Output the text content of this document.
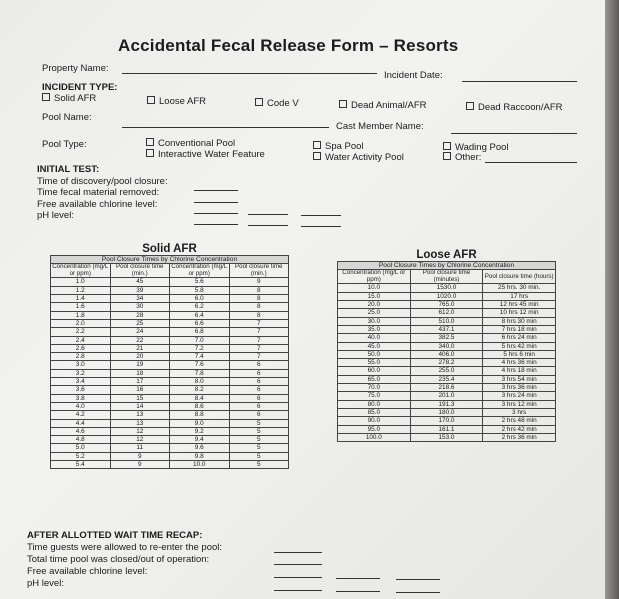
Accidental Fecal Release Form – Resorts
Property Name:
Incident Date:
INCIDENT TYPE:
Solid AFR	Loose AFR	Code V	Dead Animal/AFR	Dead Raccoon/AFR
Pool Name:
Cast Member Name:
Pool Type:	Conventional Pool
Interactive Water Feature
Spa Pool
Water Activity Pool
Wading Pool
Other:
INITIAL TEST:
Time of discovery/pool closure:
Time fecal material removed:
Free available chlorine level:
pH level:
Solid AFR
Pool Closure Times by Chlorine Concentration			
Concentration (mg/L or ppm)	Pool closure time (min.)	Concentration (mg/L or ppm)	Pool closure time (min.)
1.0	45	5.6	9
1.2	39	5.8	8
1.4	34	6.0	8
1.6	30	6.2	8
1.8	28	6.4	8
2.0	25	6.6	7
2.2	24	6.8	7
2.4	22	7.0	7
2.6	21	7.2	7
2.8	20	7.4	7
3.0	19	7.6	6
3.2	18	7.8	6
3.4	17	8.0	6
3.6	16	8.2	6
3.8	15	8.4	6
4.0	14	8.6	6
4.2	13	8.8	6
4.4	13	9.0	5
4.6	12	9.2	5
4.8	12	9.4	5
5.0	11	9.6	5
5.2	9	9.8	5
5.4	9	10.0	5
Loose AFR
Pool Closure Times by Chlorine Concentration		
Concentration (mg/L or ppm)	Pool closure time (minutes)	Pool closure time (hours)
10.0	1530.0	25 hrs. 30 min.
15.0	1020.0	17 hrs
20.0	765.0	12 hrs 45 min
25.0	612.0	10 hrs 12 min
30.0	510.0	8 hrs 30 min
35.0	437.1	7 hrs 18 min
40.0	382.5	6 hrs 24 min
45.0	340.0	5 hrs 42 min
50.0	406.0	5 hrs 6 min
55.0	278.2	4 hrs 36 min
60.0	255.0	4 hrs 18 min
65.0	235.4	3 hrs 54 min
70.0	218.6	3 hrs 36 min
75.0	201.0	3 hrs 24 min
80.0	191.3	3 hrs 12 min
85.0	180.0	3 hrs
90.0	170.0	2 hrs 48 min
95.0	161.1	2 hrs 42 min
100.0	153.0	2 hrs 36 min
AFTER ALLOTTED WAIT TIME RECAP:
Time guests were allowed to re-enter the pool:
Total time pool was closed/out of operation:
Free available chlorine level:
pH level:
